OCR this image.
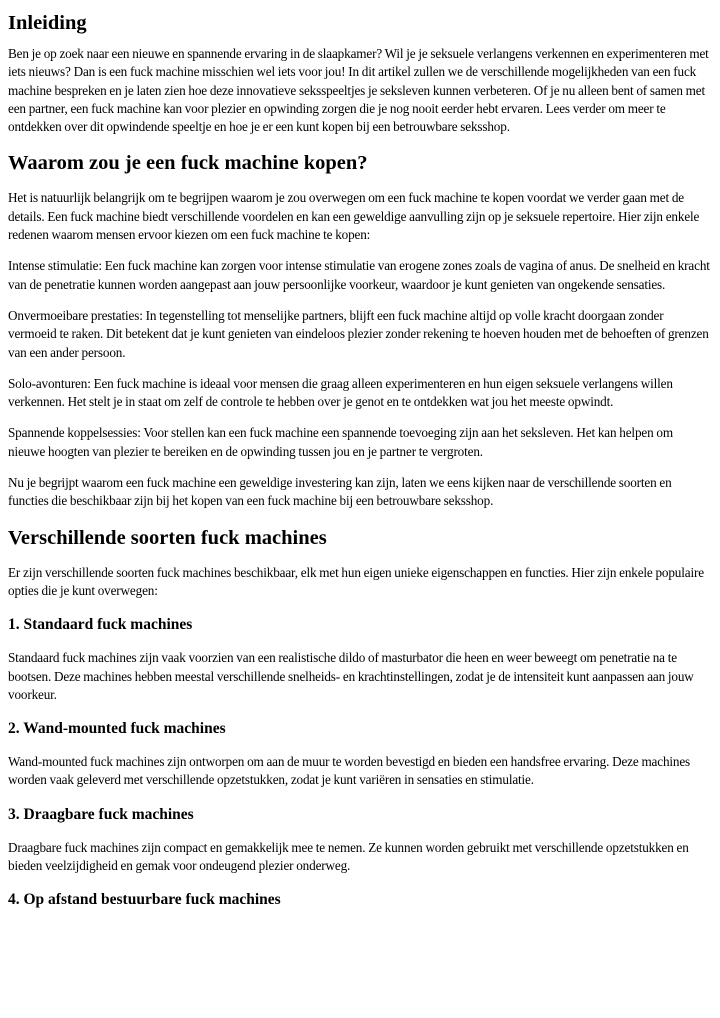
Inleiding

Ben je op zoek naar een nieuwe en spannende ervaring in de slaapkamer? Wil je je seksuele verlangens verkennen en experimenteren met iets nieuws? Dan is een fuck machine misschien wel iets voor jou! In dit artikel zullen we de verschillende mogelijkheden van een fuck machine bespreken en je laten zien hoe deze innovatieve seksspeeltjes je seksleven kunnen verbeteren. Of je nu alleen bent of samen met een partner, een fuck machine kan voor plezier en opwinding zorgen die je nog nooit eerder hebt ervaren. Lees verder om meer te ontdekken over dit opwindende speeltje en hoe je er een kunt kopen bij een betrouwbare seksshop.

Waarom zou je een fuck machine kopen?

Het is natuurlijk belangrijk om te begrijpen waarom je zou overwegen om een fuck machine te kopen voordat we verder gaan met de details. Een fuck machine biedt verschillende voordelen en kan een geweldige aanvulling zijn op je seksuele repertoire. Hier zijn enkele redenen waarom mensen ervoor kiezen om een fuck machine te kopen:

Intense stimulatie: Een fuck machine kan zorgen voor intense stimulatie van erogene zones zoals de vagina of anus. De snelheid en kracht van de penetratie kunnen worden aangepast aan jouw persoonlijke voorkeur, waardoor je kunt genieten van ongekende sensaties.

Onvermoeibare prestaties: In tegenstelling tot menselijke partners, blijft een fuck machine altijd op volle kracht doorgaan zonder vermoeid te raken. Dit betekent dat je kunt genieten van eindeloos plezier zonder rekening te hoeven houden met de behoeften of grenzen van een ander persoon.

Solo-avonturen: Een fuck machine is ideaal voor mensen die graag alleen experimenteren en hun eigen seksuele verlangens willen verkennen. Het stelt je in staat om zelf de controle te hebben over je genot en te ontdekken wat jou het meeste opwindt.

Spannende koppelsessies: Voor stellen kan een fuck machine een spannende toevoeging zijn aan het seksleven. Het kan helpen om nieuwe hoogten van plezier te bereiken en de opwinding tussen jou en je partner te vergroten.

Nu je begrijpt waarom een fuck machine een geweldige investering kan zijn, laten we eens kijken naar de verschillende soorten en functies die beschikbaar zijn bij het kopen van een fuck machine bij een betrouwbare seksshop.

Verschillende soorten fuck machines

Er zijn verschillende soorten fuck machines beschikbaar, elk met hun eigen unieke eigenschappen en functies. Hier zijn enkele populaire opties die je kunt overwegen:

1. Standaard fuck machines

Standaard fuck machines zijn vaak voorzien van een realistische dildo of masturbator die heen en weer beweegt om penetratie na te bootsen. Deze machines hebben meestal verschillende snelheids- en krachtinstellingen, zodat je de intensiteit kunt aanpassen aan jouw voorkeur.

2. Wand-mounted fuck machines

Wand-mounted fuck machines zijn ontworpen om aan de muur te worden bevestigd en bieden een handsfree ervaring. Deze machines worden vaak geleverd met verschillende opzetstukken, zodat je kunt variëren in sensaties en stimulatie.

3. Draagbare fuck machines

Draagbare fuck machines zijn compact en gemakkelijk mee te nemen. Ze kunnen worden gebruikt met verschillende opzetstukken en bieden veelzijdigheid en gemak voor ondeugend plezier onderweg.

4. Op afstand bestuurbare fuck machines
